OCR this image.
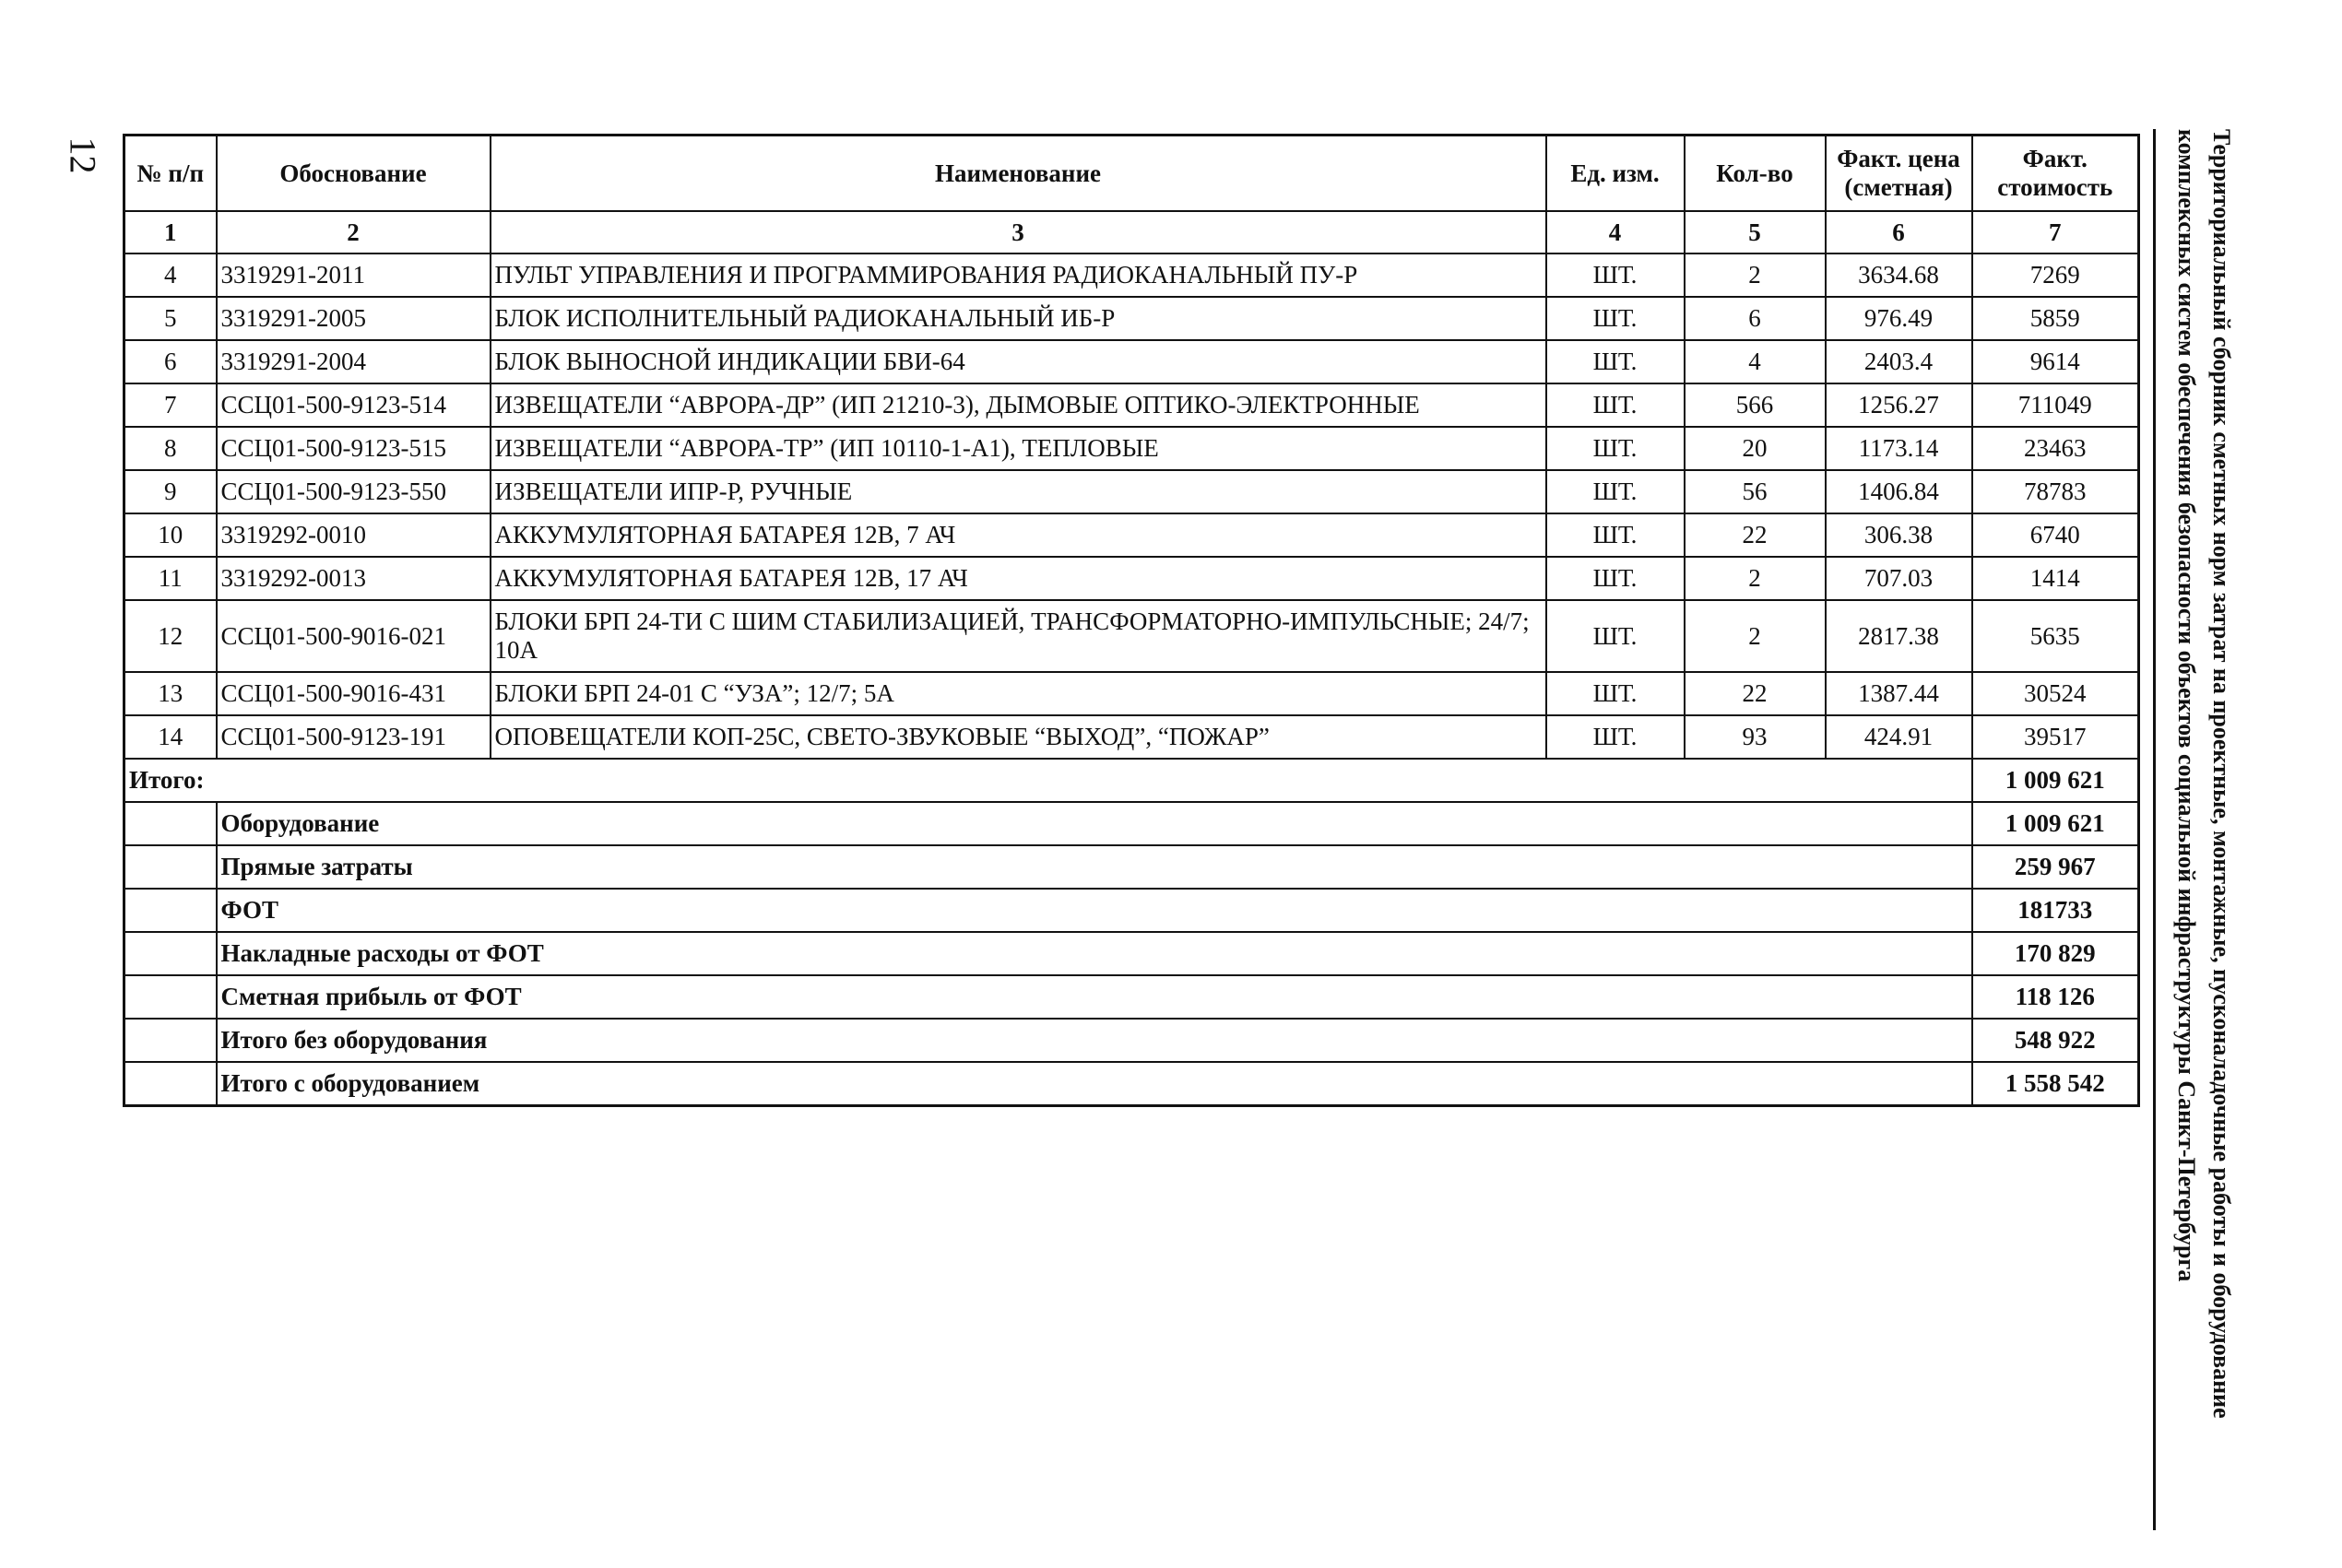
12	Территориальный сборник сметных норм затрат на проектные, монтажные, пусконаладочные работы и оборудование
комплексных систем обеспечения безопасности объектов социальной инфраструктуры Санкт-Петербурга
№ п/п	Обоснование	Наименование	Ед. изм.	Кол-во	Факт. цена (сметная)	Факт. стоимость
1	2	3	4	5	6	7
4	3319291-2011	ПУЛЬТ УПРАВЛЕНИЯ И ПРОГРАММИРОВАНИЯ РАДИОКАНАЛЬНЫЙ ПУ-Р	ШТ.	2	3634.68	7269
5	3319291-2005	БЛОК ИСПОЛНИТЕЛЬНЫЙ РАДИОКАНАЛЬНЫЙ ИБ-Р	ШТ.	6	976.49	5859
6	3319291-2004	БЛОК ВЫНОСНОЙ ИНДИКАЦИИ БВИ-64	ШТ.	4	2403.4	9614
7	ССЦ01-500-9123-514	ИЗВЕЩАТЕЛИ “АВРОРА-ДР” (ИП 21210-3), ДЫМОВЫЕ ОПТИКО-ЭЛЕКТРОННЫЕ	ШТ.	566	1256.27	711049
8	ССЦ01-500-9123-515	ИЗВЕЩАТЕЛИ “АВРОРА-ТР” (ИП 10110-1-А1), ТЕПЛОВЫЕ	ШТ.	20	1173.14	23463
9	ССЦ01-500-9123-550	ИЗВЕЩАТЕЛИ ИПР-Р, РУЧНЫЕ	ШТ.	56	1406.84	78783
10	3319292-0010	АККУМУЛЯТОРНАЯ БАТАРЕЯ 12В, 7 АЧ	ШТ.	22	306.38	6740
11	3319292-0013	АККУМУЛЯТОРНАЯ БАТАРЕЯ 12В, 17 АЧ	ШТ.	2	707.03	1414
12	ССЦ01-500-9016-021	БЛОКИ БРП 24-ТИ С ШИМ СТАБИЛИЗАЦИЕЙ, ТРАНСФОРМАТОРНО-ИМПУЛЬСНЫЕ; 24/7; 10А	ШТ.	2	2817.38	5635
13	ССЦ01-500-9016-431	БЛОКИ БРП 24-01 С “УЗА”; 12/7; 5А	ШТ.	22	1387.44	30524
14	ССЦ01-500-9123-191	ОПОВЕЩАТЕЛИ КОП-25С, СВЕТО-ЗВУКОВЫЕ “ВЫХОД”, “ПОЖАР”	ШТ.	93	424.91	39517
Итого:						1 009 621
	Оборудование					1 009 621
	Прямые затраты					259 967
	ФОТ					181733
	Накладные расходы от ФОТ					170 829
	Сметная прибыль от ФОТ					118 126
	Итого без оборудования					548 922
	Итого с оборудованием					1 558 542
